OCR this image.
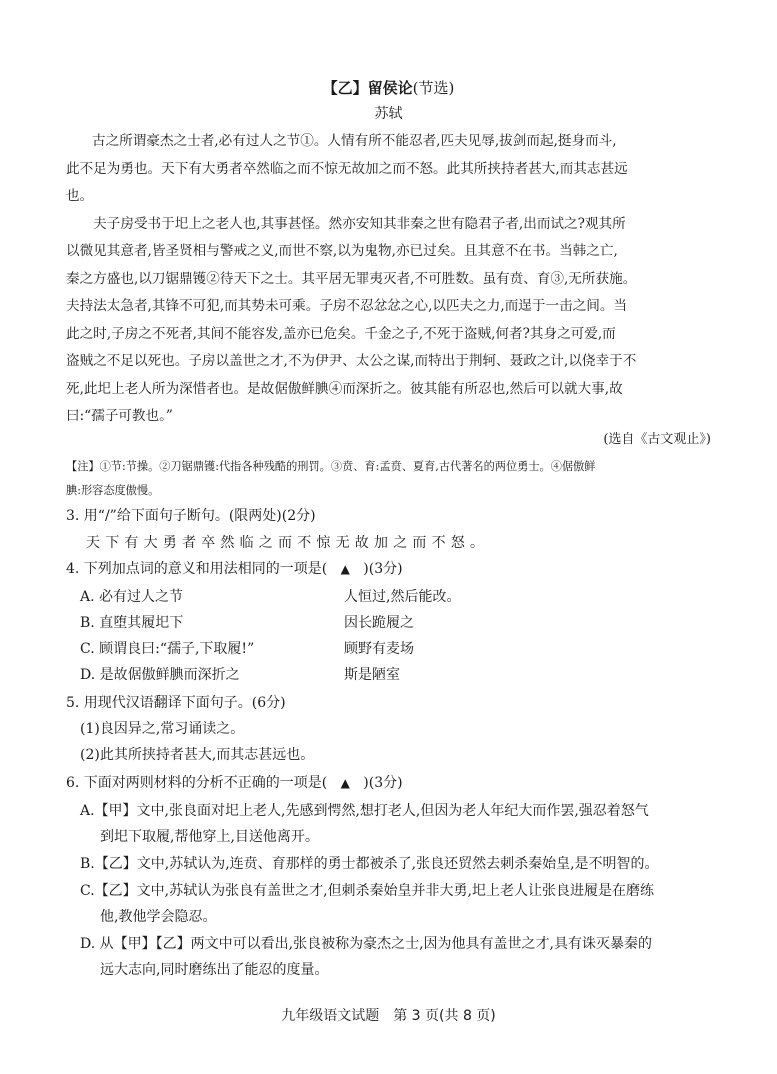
【乙】留侯论(节选)
苏轼
古之所谓豪杰之士者,必有过人之节①。人情有所不能忍者,匹夫见辱,拔剑而起,挺身而斗,
此不足为勇也。天下有大勇者卒然临之而不惊无故加之而不怒。此其所挟持者甚大,而其志甚远
也。
　　夫子房受书于圯上之老人也,其事甚怪。然亦安知其非秦之世有隐君子者,出而试之?观其所
以微见其意者,皆圣贤相与警戒之义,而世不察,以为鬼物,亦已过矣。且其意不在书。当韩之亡,
秦之方盛也,以刀锯鼎镬②待天下之士。其平居无罪夷灭者,不可胜数。虽有贲、育③,无所获施。
夫持法太急者,其锋不可犯,而其势未可乘。子房不忍忿忿之心,以匹夫之力,而逞于一击之间。当
此之时,子房之不死者,其间不能容发,盖亦已危矣。千金之子,不死于盗贼,何者?其身之可爱,而
盗贼之不足以死也。子房以盖世之才,不为伊尹、太公之谋,而特出于荆轲、聂政之计,以侥幸于不
死,此圯上老人所为深惜者也。是故倨傲鲜腆④而深折之。彼其能有所忍也,然后可以就大事,故
曰:“孺子可教也。”
(选自《古文观止》)
【注】①节:节操。②刀锯鼎镬:代指各种残酷的刑罚。③贲、育:孟贲、夏育,古代著名的两位勇士。④倨傲鲜
腆:形容态度傲慢。
3. 用“/”给下面句子断句。(限两处)(2分)
天下有大勇者卒然临之而不惊无故加之而不怒。
4. 下列加点词的意义和用法相同的一项是( ▲ )(3分)
A. 必有过人之节	人恒过,然后能改。
B. 直堕其履圯下	因长跪履之
C. 顾谓良曰:“孺子,下取履!”	顾野有麦场
D. 是故倨傲鲜腆而深折之	斯是陋室
5. 用现代汉语翻译下面句子。(6分)
(1)良因异之,常习诵读之。
(2)此其所挟持者甚大,而其志甚远也。
6. 下面对两则材料的分析不正确的一项是( ▲ )(3分)
A.【甲】文中,张良面对圯上老人,先感到愕然,想打老人,但因为老人年纪大而作罢,强忍着怒气
到圯下取履,帮他穿上,目送他离开。
B.【乙】文中,苏轼认为,连贲、育那样的勇士都被杀了,张良还贸然去刺杀秦始皇,是不明智的。
C.【乙】文中,苏轼认为张良有盖世之才,但刺杀秦始皇并非大勇,圯上老人让张良进履是在磨练
他,教他学会隐忍。
D. 从【甲】【乙】两文中可以看出,张良被称为豪杰之士,因为他具有盖世之才,具有诛灭暴秦的
远大志向,同时磨练出了能忍的度量。
九年级语文试题　第 3 页(共 8 页)
